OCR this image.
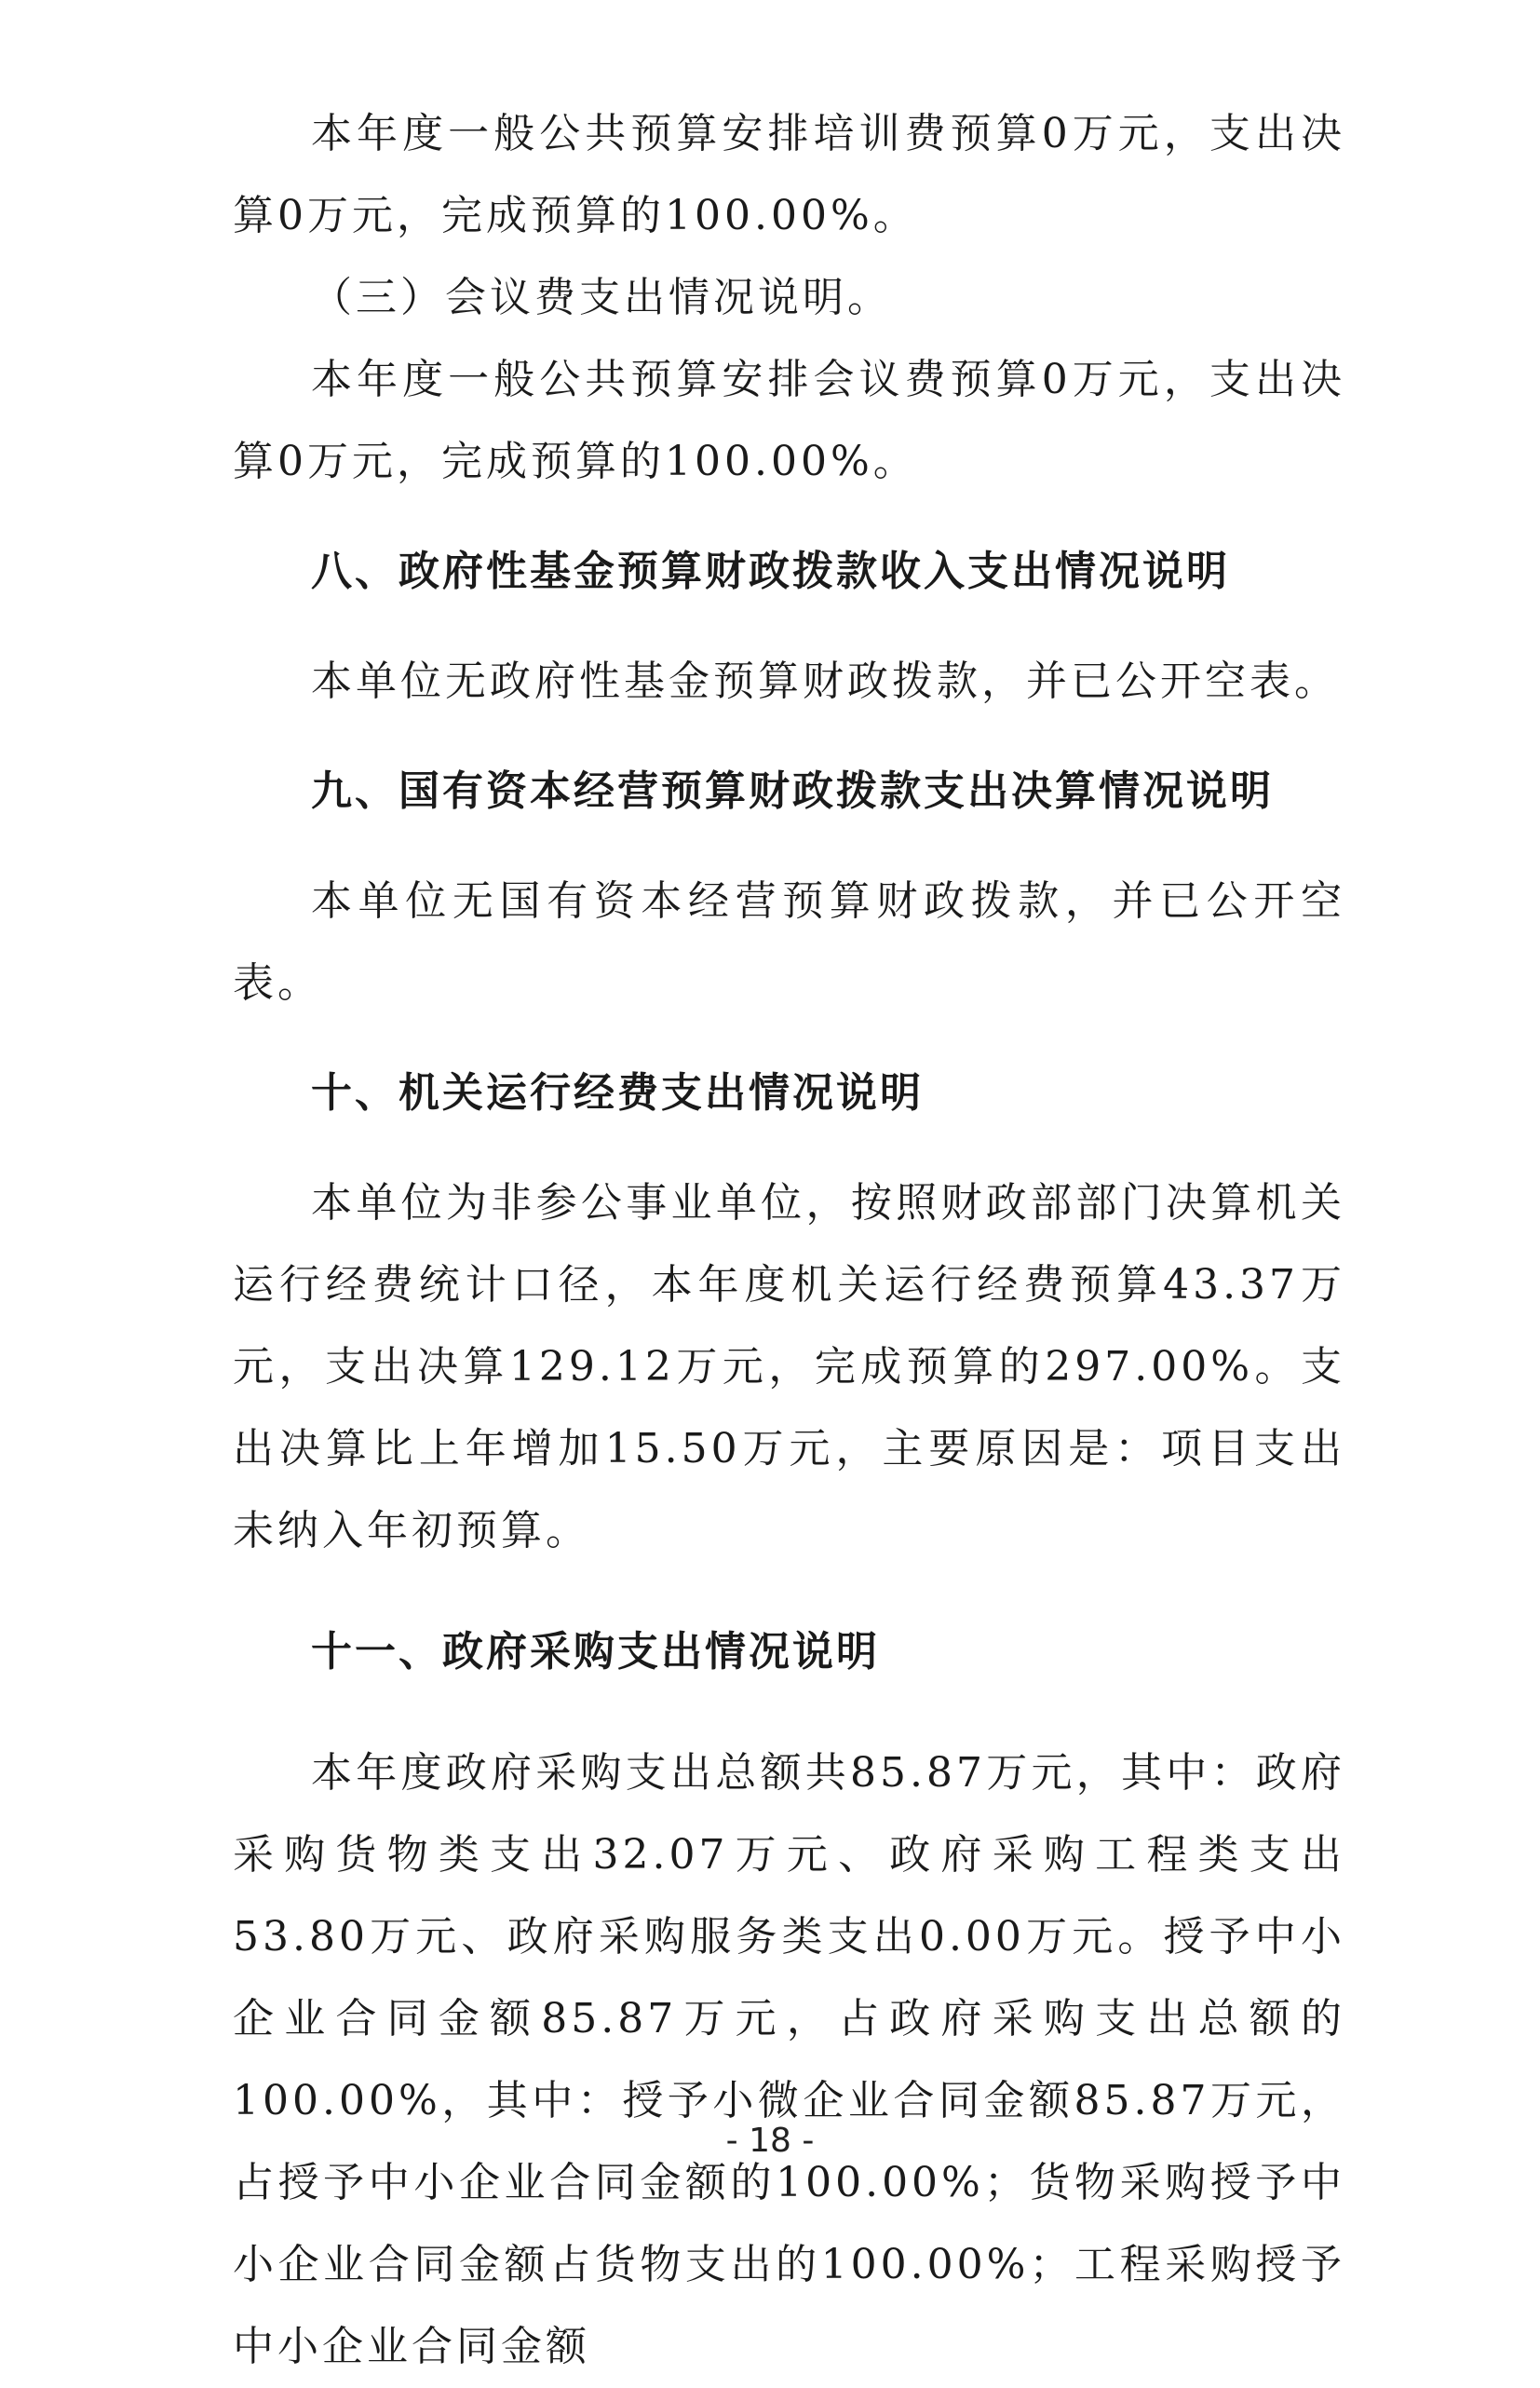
本年度一般公共预算安排培训费预算0万元，支出决算0万元，完成预算的100.00%。

（三）会议费支出情况说明。

本年度一般公共预算安排会议费预算0万元，支出决算0万元，完成预算的100.00%。

八、政府性基金预算财政拨款收入支出情况说明

本单位无政府性基金预算财政拨款，并已公开空表。

九、国有资本经营预算财政拨款支出决算情况说明

本单位无国有资本经营预算财政拨款，并已公开空表。

十、机关运行经费支出情况说明

本单位为非参公事业单位，按照财政部部门决算机关运行经费统计口径，本年度机关运行经费预算43.37万元，支出决算129.12万元，完成预算的297.00%。支出决算比上年增加15.50万元，主要原因是：项目支出未纳入年初预算。

十一、政府采购支出情况说明

本年度政府采购支出总额共85.87万元，其中：政府采购货物类支出32.07万元、政府采购工程类支出53.80万元、政府采购服务类支出0.00万元。授予中小企业合同金额85.87万元，占政府采购支出总额的100.00%，其中：授予小微企业合同金额85.87万元，占授予中小企业合同金额的100.00%；货物采购授予中小企业合同金额占货物支出的100.00%；工程采购授予中小企业合同金额

- 18 -
